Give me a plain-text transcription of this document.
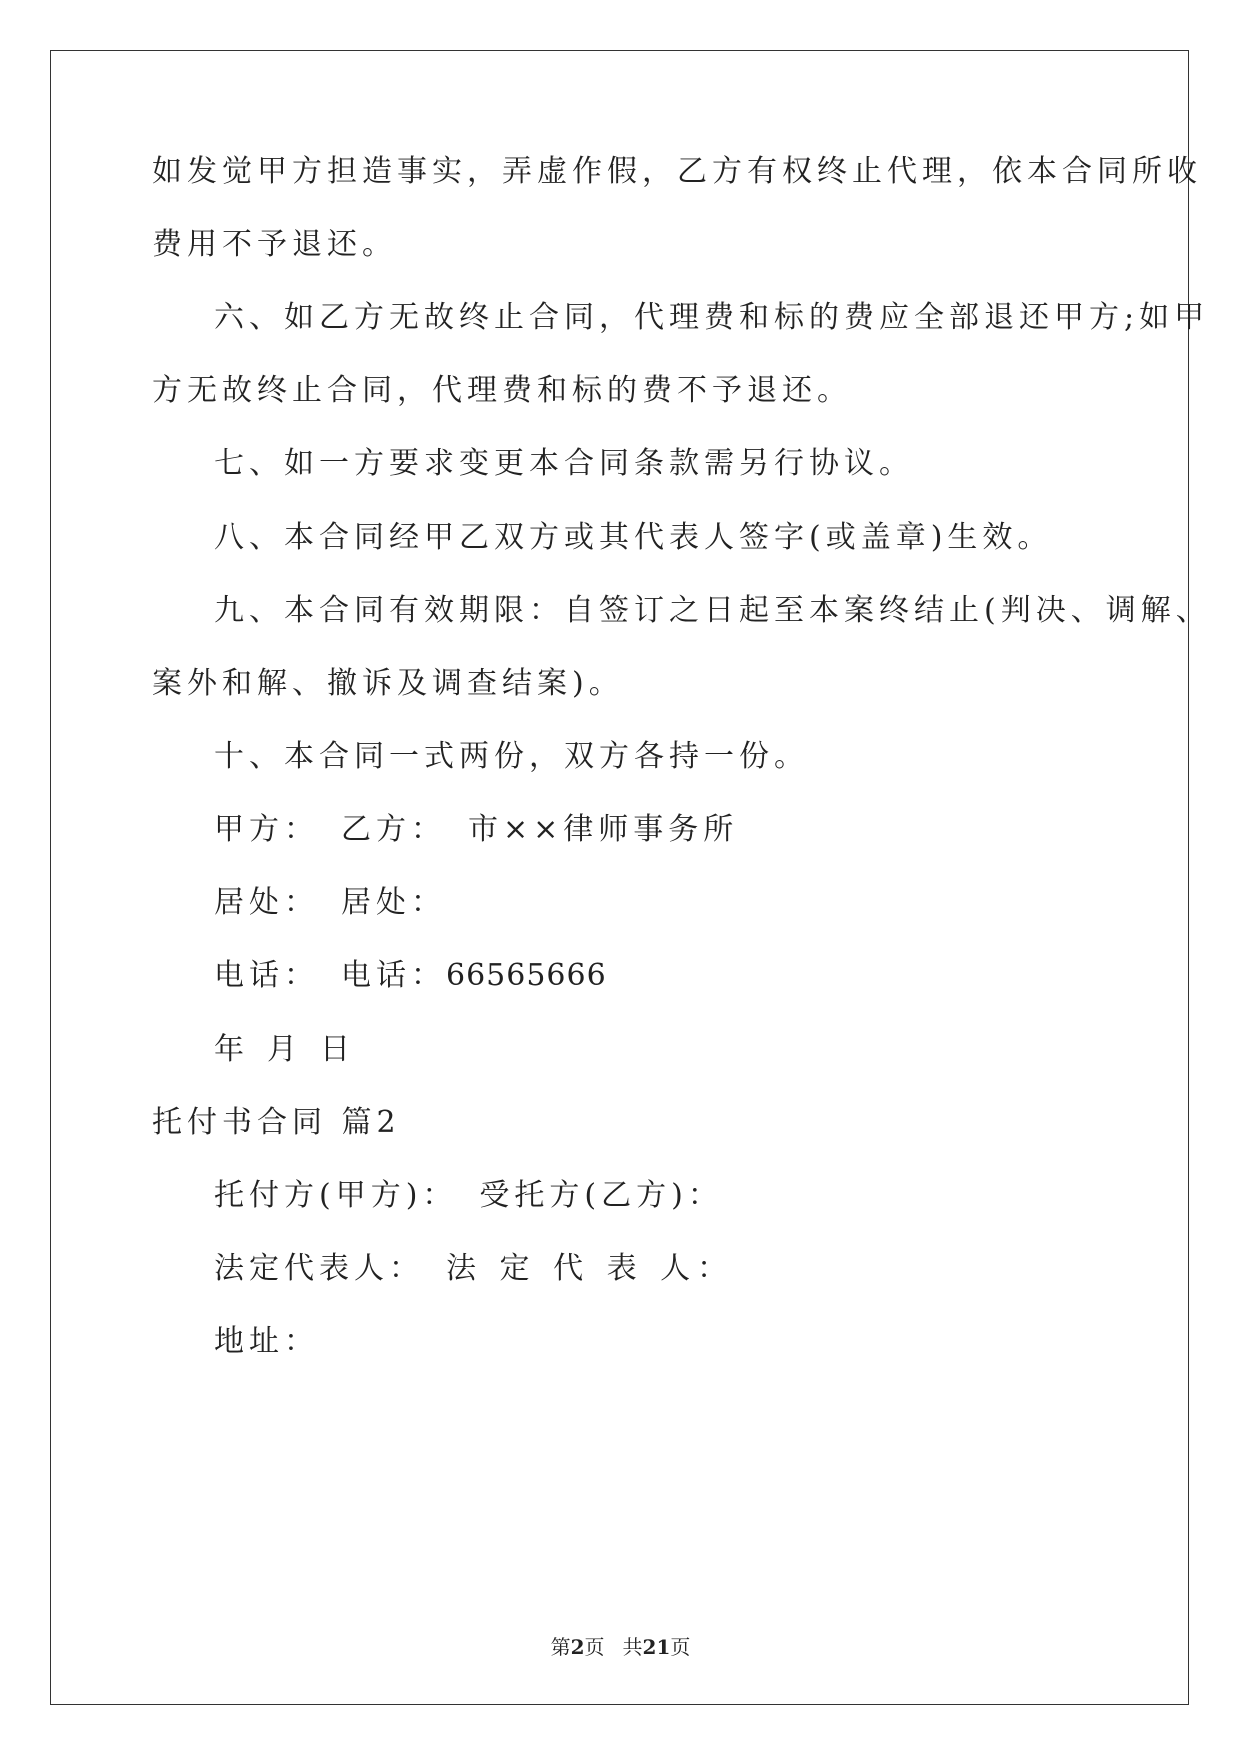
如发觉甲方担造事实，弄虚作假，乙方有权终止代理，依本合同所收
费用不予退还。
六、如乙方无故终止合同，代理费和标的费应全部退还甲方;如甲
方无故终止合同，代理费和标的费不予退还。
七、如一方要求变更本合同条款需另行协议。
八、本合同经甲乙双方或其代表人签字(或盖章)生效。
九、本合同有效期限：自签订之日起至本案终结止(判决、调解、
案外和解、撤诉及调查结案)。
十、本合同一式两份，双方各持一份。
甲方： 乙方： 市××律师事务所
居处： 居处：
电话： 电话：66565666
年 月 日
托付书合同 篇2
托付方(甲方)： 受托方(乙方)：
法定代表人： 法 定 代 表 人：
地址：
第2页 共21页
